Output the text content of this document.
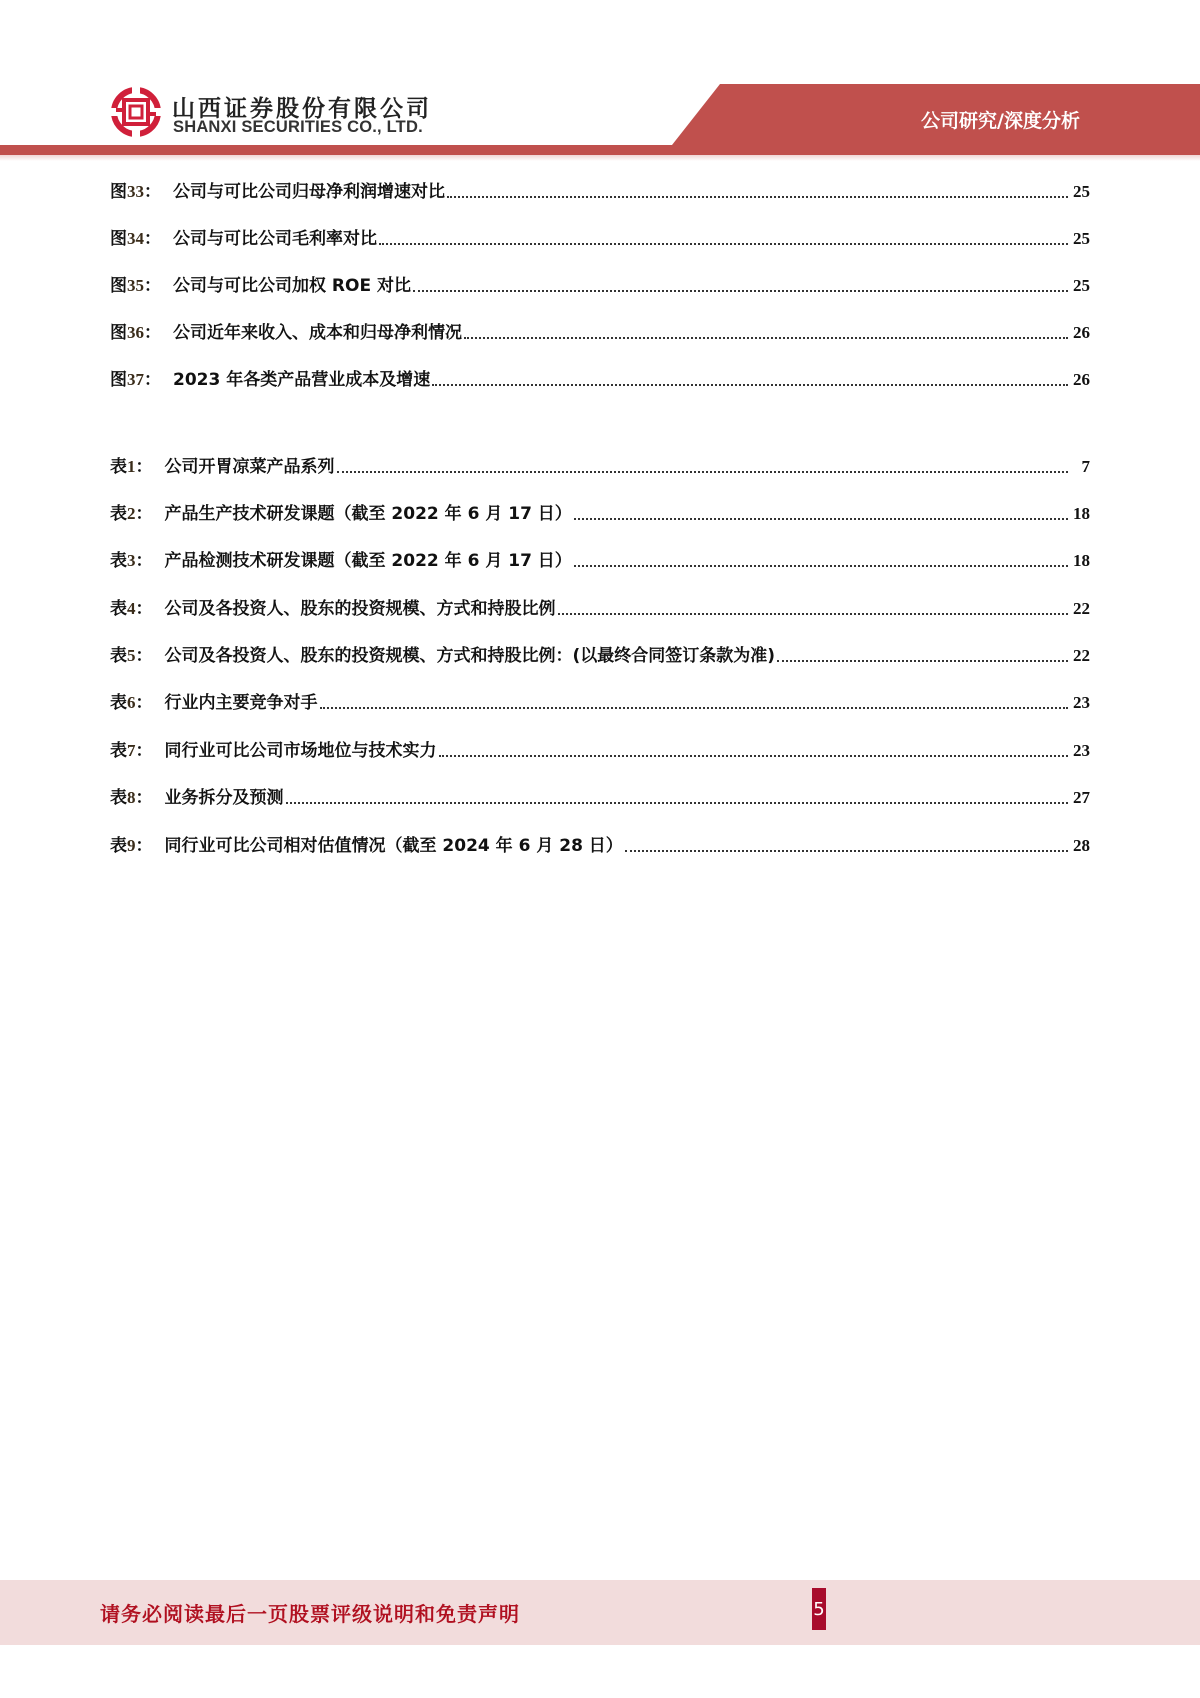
山西证券股份有限公司
SHANXI SECURITIES CO., LTD.	公司研究/深度分析
图 33 ： 公司与可比公司归母净利润增速对比	25
图 34 ： 公司与可比公司毛利率对比	25
图 35 ： 公司与可比公司加权 ROE 对比	25
图 36 ： 公司近年来收入、成本和归母净利情况	26
图 37 ： 2023 年各类产品营业成本及增速	26
表 1 ： 公司开胃凉菜产品系列	7
表 2 ： 产品生产技术研发课题（截至 2022 年 6 月 17 日）	18
表 3 ： 产品检测技术研发课题（截至 2022 年 6 月 17 日）	18
表 4 ： 公司及各投资人、股东的投资规模、方式和持股比例	22
表 5 ： 公司及各投资人、股东的投资规模、方式和持股比例：(以最终合同签订条款为准)	22
表 6 ： 行业内主要竞争对手	23
表 7 ： 同行业可比公司市场地位与技术实力	23
表 8 ： 业务拆分及预测	27
表 9 ： 同行业可比公司相对估值情况（截至 2024 年 6 月 28 日）	28
请务必阅读最后一页股票评级说明和免责声明	5
